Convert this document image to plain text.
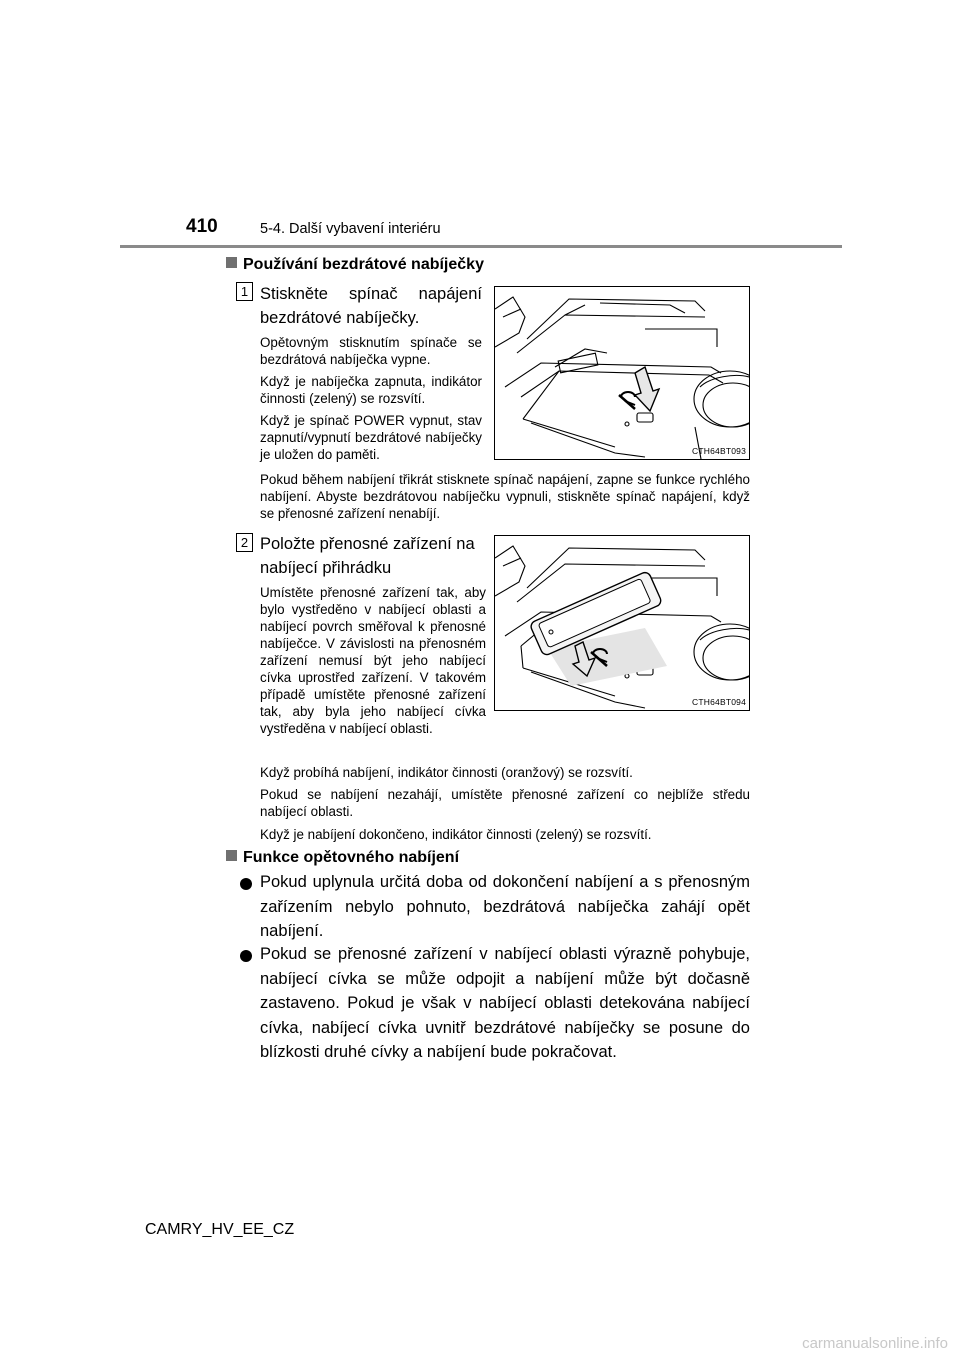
410	5-4. Další vybavení interiéru
Používání bezdrátové nabíječky
1 Stiskněte spínač napájení
bezdrátové nabíječky.
Opětovným stisknutím spínače se bezdrátová nabíječka vypne.
Když je nabíječka zapnuta, indikátor činnosti (zelený) se rozsvítí.
Když je spínač POWER vypnut, stav zapnutí/vypnutí bezdrátové nabíječky je uložen do paměti.	CTH64BT093
Pokud během nabíjení třikrát stisknete spínač napájení, zapne se funkce rychlého nabíjení. Abyste bezdrátovou nabíječku vypnuli, stiskněte spínač napájení, když se přenosné zařízení nenabíjí.
2 Položte přenosné zařízení na
nabíjecí přihrádku
Umístěte přenosné zařízení tak, aby bylo vystředěno v nabíjecí oblasti a nabíjecí povrch směřoval k přenosné nabíječce. V závislosti na přenosném zařízení nemusí být jeho nabíjecí cívka uprostřed zařízení. V takovém případě umístěte přenosné zařízení tak, aby byla jeho nabíjecí cívka vystředěna v nabíjecí oblasti.
CTH64BT094
Když probíhá nabíjení, indikátor činnosti (oranžový) se rozsvítí.
Pokud se nabíjení nezahájí, umístěte přenosné zařízení co nejblíže středu nabíjecí oblasti.
Když je nabíjení dokončeno, indikátor činnosti (zelený) se rozsvítí.
Funkce opětovného nabíjení
Pokud uplynula určitá doba od dokončení nabíjení a s přenosným zařízením nebylo pohnuto, bezdrátová nabíječka zahájí opět nabíjení.
Pokud se přenosné zařízení v nabíjecí oblasti výrazně pohybuje, nabíjecí cívka se může odpojit a nabíjení může být dočasně zastaveno. Pokud je však v nabíjecí oblasti detekována nabíjecí cívka, nabíjecí cívka uvnitř bezdrátové nabíječky se posune do blízkosti druhé cívky a nabíjení bude pokračovat.
CAMRY_HV_EE_CZ
carmanualsonline.info
